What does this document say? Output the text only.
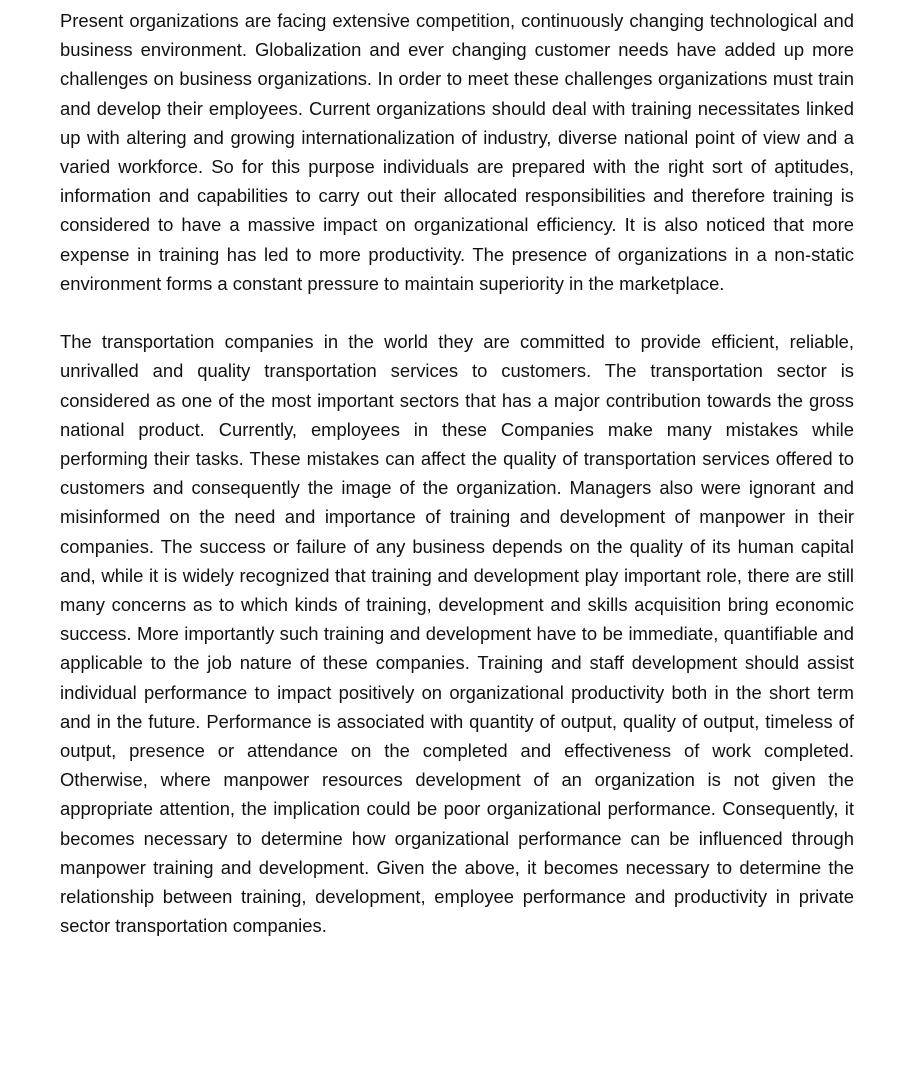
Present organizations are facing extensive competition, continuously changing technological and business environment. Globalization and ever changing customer needs have added up more challenges on business organizations. In order to meet these challenges organizations must train and develop their employees. Current organizations should deal with training necessitates linked up with altering and growing internationalization of industry, diverse national point of view and a varied workforce. So for this purpose individuals are prepared with the right sort of aptitudes, information and capabilities to carry out their allocated responsibilities and therefore training is considered to have a massive impact on organizational efficiency. It is also noticed that more expense in training has led to more productivity. The presence of organizations in a non-static environment forms a constant pressure to maintain superiority in the marketplace.

The transportation companies in the world they are committed to provide efficient, reliable, unrivalled and quality transportation services to customers. The transportation sector is considered as one of the most important sectors that has a major contribution towards the gross national product. Currently, employees in these Companies make many mistakes while performing their tasks. These mistakes can affect the quality of transportation services offered to customers and consequently the image of the organization. Managers also were ignorant and misinformed on the need and importance of training and development of manpower in their companies. The success or failure of any business depends on the quality of its human capital and, while it is widely recognized that training and development play important role, there are still many concerns as to which kinds of training, development and skills acquisition bring economic success. More importantly such training and development have to be immediate, quantifiable and applicable to the job nature of these companies. Training and staff development should assist individual performance to impact positively on organizational productivity both in the short term and in the future. Performance is associated with quantity of output, quality of output, timeless of output, presence or attendance on the completed and effectiveness of work completed. Otherwise, where manpower resources development of an organization is not given the appropriate attention, the implication could be poor organizational performance. Consequently, it becomes necessary to determine how organizational performance can be influenced through manpower training and development. Given the above, it becomes necessary to determine the relationship between training, development, employee performance and productivity in private sector transportation companies.
